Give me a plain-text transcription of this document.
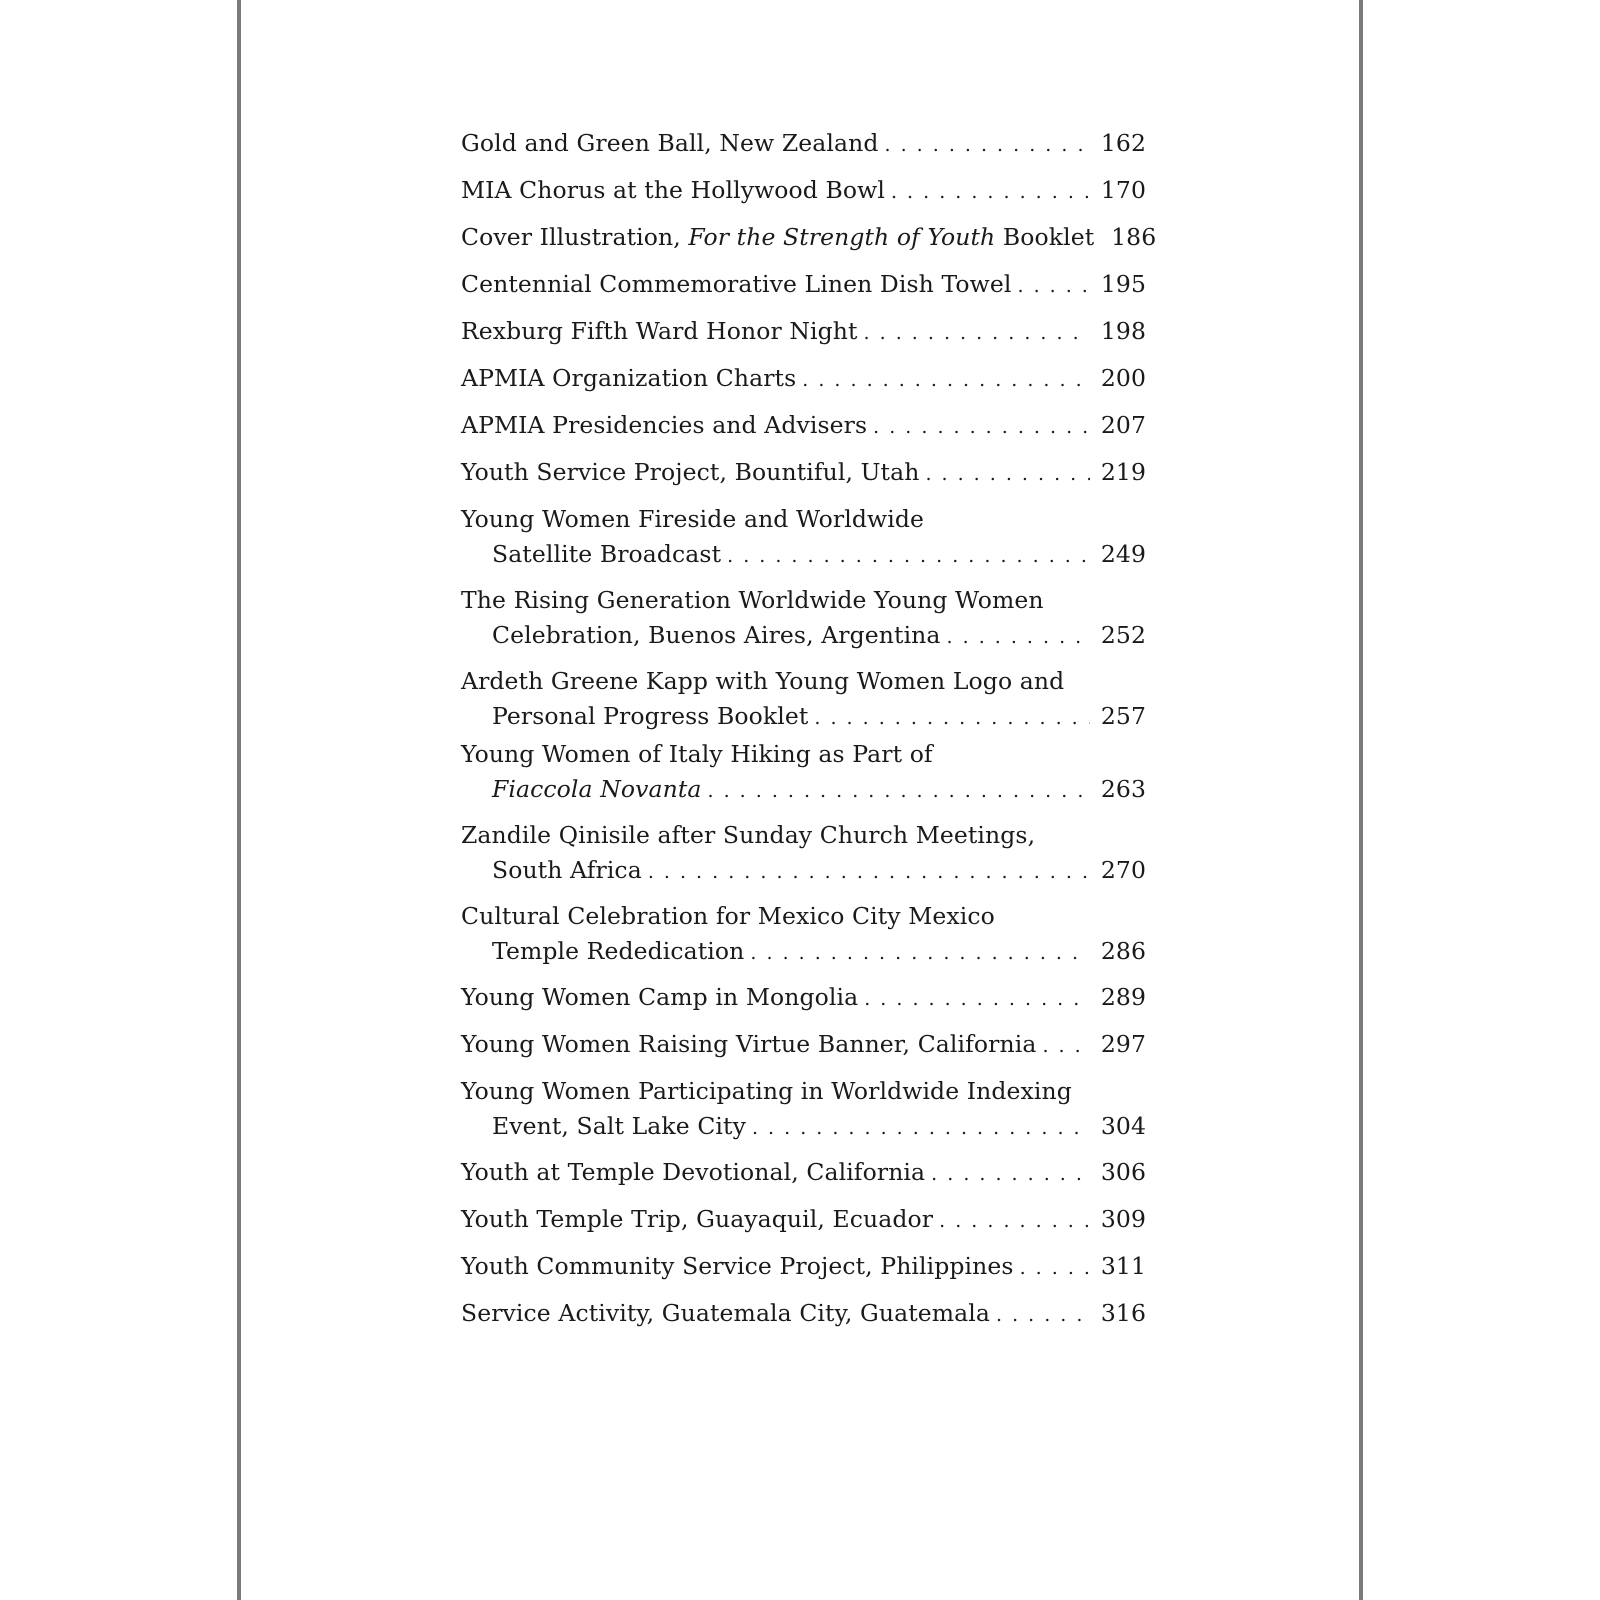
Gold and Green Ball, New Zealand . . .	162
MIA Chorus at the Hollywood Bowl . . .	170
Cover Illustration, For the Strength of Youth Booklet 186
Centennial Commemorative Linen Dish Towel . . .	195
Rexburg Fifth Ward Honor Night . . .	198
APMIA Organization Charts . . .	200
APMIA Presidencies and Advisers . . .	207
Youth Service Project, Bountiful, Utah . . .	219
Young Women Fireside and Worldwide
Satellite Broadcast . . .	249
The Rising Generation Worldwide Young Women
Celebration, Buenos Aires, Argentina . . .	252
Ardeth Greene Kapp with Young Women Logo and
Personal Progress Booklet . . .	257
Young Women of Italy Hiking as Part of
Fiaccola Novanta . . .	263
Zandile Qinisile after Sunday Church Meetings,
South Africa . . .	270
Cultural Celebration for Mexico City Mexico
Temple Rededication . . .	286
Young Women Camp in Mongolia . . .	289
Young Women Raising Virtue Banner, California . . .	297
Young Women Participating in Worldwide Indexing
Event, Salt Lake City . . .	304
Youth at Temple Devotional, California . . .	306
Youth Temple Trip, Guayaquil, Ecuador . . .	309
Youth Community Service Project, Philippines . . .	311
Service Activity, Guatemala City, Guatemala . . .	316
